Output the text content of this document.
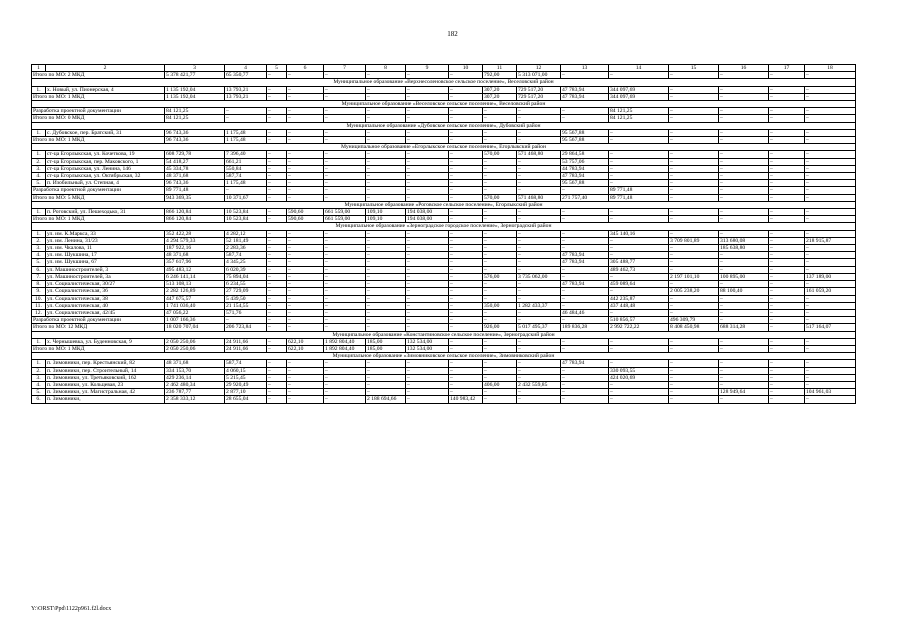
182
1	2	3	4	5	6	7	8	9	10	11	12	13	14	15	16	17	18
Итого по МО: 2 МКД		5 378 421,77	65 350,77	–	–	–	–	–	–	792,00	5 313 071,00	–	–	–	–	–	–
Муниципальное образование «Верхнесоленовское сельское поселение», Веселовский район																	
1.	х. Новый, ул. Пионерская, 4	1 135 192,04	13 793,21	–	–	–	–	–	–	307,20	729 517,20	47 783,94	344 097,69	–	–	–	–
Итого по МО: 1 МКД		1 135 192,04	13 793,21	–	–	–	–	–	–	307,20	729 517,20	47 783,94	344 097,69	–	–	–	–
Муниципальное образование «Веселовское сельское поселение», Веселовский район																	
Разработка проектной документации		84 121,25	–	–	–	–	–	–	–	–	–	–	84 121,25	–	–	–	–
Итого по МО: 0 МКД		84 121,25	–	–	–	–	–	–	–	–	–	–	84 121,25	–	–	–	–
Муниципальное образование «Дубовское сельское поселение», Дубовский район																	
1.	с. Дубовское, пер. Братский, 31	96 743,36	1 175,48	–	–	–	–	–	–	–	–	95 567,88	–	–	–	–	–
Итого по МО: 1 МКД		96 743,36	1 175,48	–	–	–	–	–	–	–	–	95 567,88	–	–	–	–	–
Муниципальное образование «Егорлыкское сельское поселение», Егорлыкский район																	
1.	ст-ца Егорлыкская, ул. Кочеткова, 19	608 729,78	7 396,40	–	–	–	–	–	–	570,00	571 468,80	29 864,58	–	–	–	–	–
2.	ст-ца Егорлыкская, пер. Маковского, 1	54 418,27	661,21	–	–	–	–	–	–	–	–	53 757,06	–	–	–	–	–
3.	ст-ца Егорлыкская, ул. Ленина, 146	45 334,78	550,84	–	–	–	–	–	–	–	–	44 783,94	–	–	–	–	–
4.	ст-ца Егорлыкская, ул. Октябрьская, 32	48 371,68	587,74	–	–	–	–	–	–	–	–	47 783,94	–	–	–	–	–
5.	п. Изобильный, ул. Степная, 4	96 743,36	1 175,48	–	–	–	–	–	–	–	–	95 567,88	–	–	–	–	–
Разработка проектной документации		89 771,48	–	–	–	–	–	–	–	–	–	–	89 771,48	–	–	–	–
Итого по МО: 5 МКД		943 369,35	10 371,67	–	–	–	–	–	–	570,00	571 468,80	271 757,40	89 771,48	–	–	–	–
Муниципальное образование «Роговское сельское поселение», Егорлыкский район																	
1.	п. Роговский, ул. Пешеходько, 31	866 120,84	10 523,84	–	590,60	661 559,00	109,10	194 038,00	–	–	–	–	–	–	–	–	–
Итого по МО: 1 МКД		866 120,84	10 523,84	–	590,60	661 559,00	109,10	194 038,00	–	–	–	–	–	–	–	–	–
Муниципальное образование «Зерноградское городское поселение», Зерноградский район																	
1.	ул. им. К.Маркса, 33	352 422,28	4 282,12	–	–	–	–	–	–	–	–	–	345 140,16	–	–	–	–
2.	ул. им. Ленина, 31/23	4 294 579,33	52 181,49	–	–	–	–	–	–	–	–	–	–	3 709 801,89	313 680,08	–	218 915,87
3.	ул. им. Чкалова, 11	187 922,16	2 283,36	–	–	–	–	–	–	–	–	–	–	–	185 638,80	–	–
4.	ул. им. Шукшина, 17	48 371,68	587,74	–	–	–	–	–	–	–	–	47 783,94	–	–	–	–	–
5.	ул. им. Шукшина, 67	357 617,96	4 345,25	–	–	–	–	–	–	–	–	47 783,94	305 488,77	–	–	–	–
6.	ул. Машиностроителей, 3	495 483,12	6 020,39	–	–	–	–	–	–	–	–	–	489 462,73	–	–	–	–
7.	ул. Машиностроителей, 3а	6 246 141,14	75 894,04	–	–	–	–	–	–	576,00	3 735 062,00	–	–	2 197 101,10	100 895,00	–	137 189,00
8.	ул. Социалистическая, 30/27	513 108,13	6 234,55	–	–	–	–	–	–	–	–	47 783,94	459 089,64	–	–	–	–
9.	ул. Социалистическая, 36	2 282 126,89	27 729,09	–	–	–	–	–	–	–	–	–	–	2 005 238,20	88 100,40	–	161 059,20
10.	ул. Социалистическая, 38	447 675,57	5 439,50	–	–	–	–	–	–	–	–	–	442 235,87	–	–	–	–
11.	ул. Социалистическая, 40	1 741 036,40	21 154,55	–	–	–	–	–	–	350,00	1 282 433,37	–	437 448,48	–	–	–	–
12.	ул. Социалистическая, 42/45	47 056,22	571,76	–	–	–	–	–	–	–	–	46 484,46	–	–	–	–	–
Разработка проектной документации		1 007 166,36	–	–	–	–	–	–	–	–	–	–	510 856,57	496 309,79	–	–	–
Итого по МО: 12 МКД		18 020 707,04	206 723,84	–	–	–	–	–	–	926,00	5 017 495,37	189 836,28	2 992 722,22	8 408 450,98	688 314,28	–	517 164,07
Муниципальное образование «Константиновское сельское поселение», Зерноградский район																	
1.	х. Чернышевка, ул. Буденновская, 9	2 050 250,06	24 911,66	–	622,10	1 892 804,40	185,00	132 534,00	–	–	–	–	–	–	–	–	–
Итого по МО: 1 МКД		2 050 250,06	24 911,66	–	622,10	1 892 804,40	185,00	132 534,00	–	–	–	–	–	–	–	–	–
Муниципальное образование «Зимовниковское сельское поселение», Зимовниковский район																	
1.	п. Зимовники, пер. Крестьянский, 82	48 371,68	587,74	–	–	–	–	–	–	–	–	47 783,94	–	–	–	–	–
2.	п. Зимовники, пер. Строительный, 14	334 153,70	4 060,15	–	–	–	–	–	–	–	–	–	330 093,55	–	–	–	–
3.	п. Зимовники, ул. Третьяковский, 162	429 236,14	5 215,45	–	–	–	–	–	–	–	–	–	424 020,69	–	–	–	–
4.	п. Зимовники, ул. Кольцевая, 23	2 462 480,34	29 920,49	–	–	–	–	–	–	406,00	2 432 559,85	–	–	–	–	–	–
5.	п. Зимовники, ул. Магистральная, 42	236 787,77	2 877,10	–	–	–	–	–	–	–	–	–	–	–	128 949,64	–	104 961,03
6.	п. Зимовники,	2 358 333,12	28 655,04	–	–	–	2 188 694,66	–	140 983,42	–	–	–	–	–	–	–	–
Y:\ORST\Ppd\1122p961.f2l.docx
